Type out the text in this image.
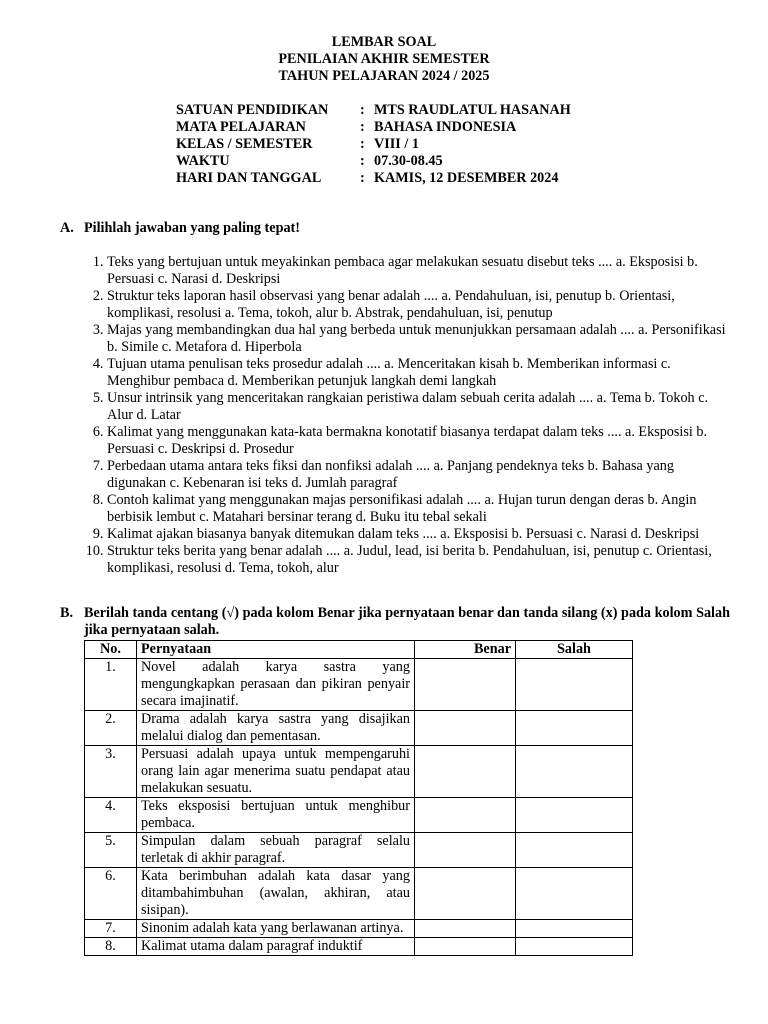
LEMBAR SOAL
PENILAIAN AKHIR SEMESTER
TAHUN PELAJARAN 2024 / 2025
SATUAN PENDIDIKAN	: MTS RAUDLATUL HASANAH
MATA PELAJARAN	: BAHASA INDONESIA
KELAS / SEMESTER	: VIII / 1
WAKTU	: 07.30-08.45
HARI DAN TANGGAL	: KAMIS, 12 DESEMBER 2024
A. Pilihlah jawaban yang paling tepat!
1. Teks yang bertujuan untuk meyakinkan pembaca agar melakukan sesuatu disebut teks .... a. Eksposisi b. Persuasi c. Narasi d. Deskripsi
2. Struktur teks laporan hasil observasi yang benar adalah .... a. Pendahuluan, isi, penutup b. Orientasi, komplikasi, resolusi a. Tema, tokoh, alur b. Abstrak, pendahuluan, isi, penutup
3. Majas yang membandingkan dua hal yang berbeda untuk menunjukkan persamaan adalah .... a. Personifikasi b. Simile c. Metafora d. Hiperbola
4. Tujuan utama penulisan teks prosedur adalah .... a. Menceritakan kisah b. Memberikan informasi c. Menghibur pembaca d. Memberikan petunjuk langkah demi langkah
5. Unsur intrinsik yang menceritakan rangkaian peristiwa dalam sebuah cerita adalah .... a. Tema b. Tokoh c. Alur d. Latar
6. Kalimat yang menggunakan kata-kata bermakna konotatif biasanya terdapat dalam teks .... a. Eksposisi b. Persuasi c. Deskripsi d. Prosedur
7. Perbedaan utama antara teks fiksi dan nonfiksi adalah .... a. Panjang pendeknya teks b. Bahasa yang digunakan c. Kebenaran isi teks d. Jumlah paragraf
8. Contoh kalimat yang menggunakan majas personifikasi adalah .... a. Hujan turun dengan deras b. Angin berbisik lembut c. Matahari bersinar terang d. Buku itu tebal sekali
9. Kalimat ajakan biasanya banyak ditemukan dalam teks .... a. Eksposisi b. Persuasi c. Narasi d. Deskripsi
10. Struktur teks berita yang benar adalah .... a. Judul, lead, isi berita b. Pendahuluan, isi, penutup c. Orientasi, komplikasi, resolusi d. Tema, tokoh, alur
B. Berilah tanda centang (√) pada kolom Benar jika pernyataan benar dan tanda silang (x) pada kolom Salah jika pernyataan salah.
No.	Pernyataan	Benar	Salah
1.	Novel adalah karya sastra yang mengungkapkan perasaan dan pikiran penyair secara imajinatif.		
2.	Drama adalah karya sastra yang disajikan melalui dialog dan pementasan.		
3.	Persuasi adalah upaya untuk mempengaruhi orang lain agar menerima suatu pendapat atau melakukan sesuatu.		
4.	Teks eksposisi bertujuan untuk menghibur pembaca.		
5.	Simpulan dalam sebuah paragraf selalu terletak di akhir paragraf.		
6.	Kata berimbuhan adalah kata dasar yang ditambahimbuhan (awalan, akhiran, atau sisipan).		
7.	Sinonim adalah kata yang berlawanan artinya.		
8.	Kalimat utama dalam paragraf induktif		
